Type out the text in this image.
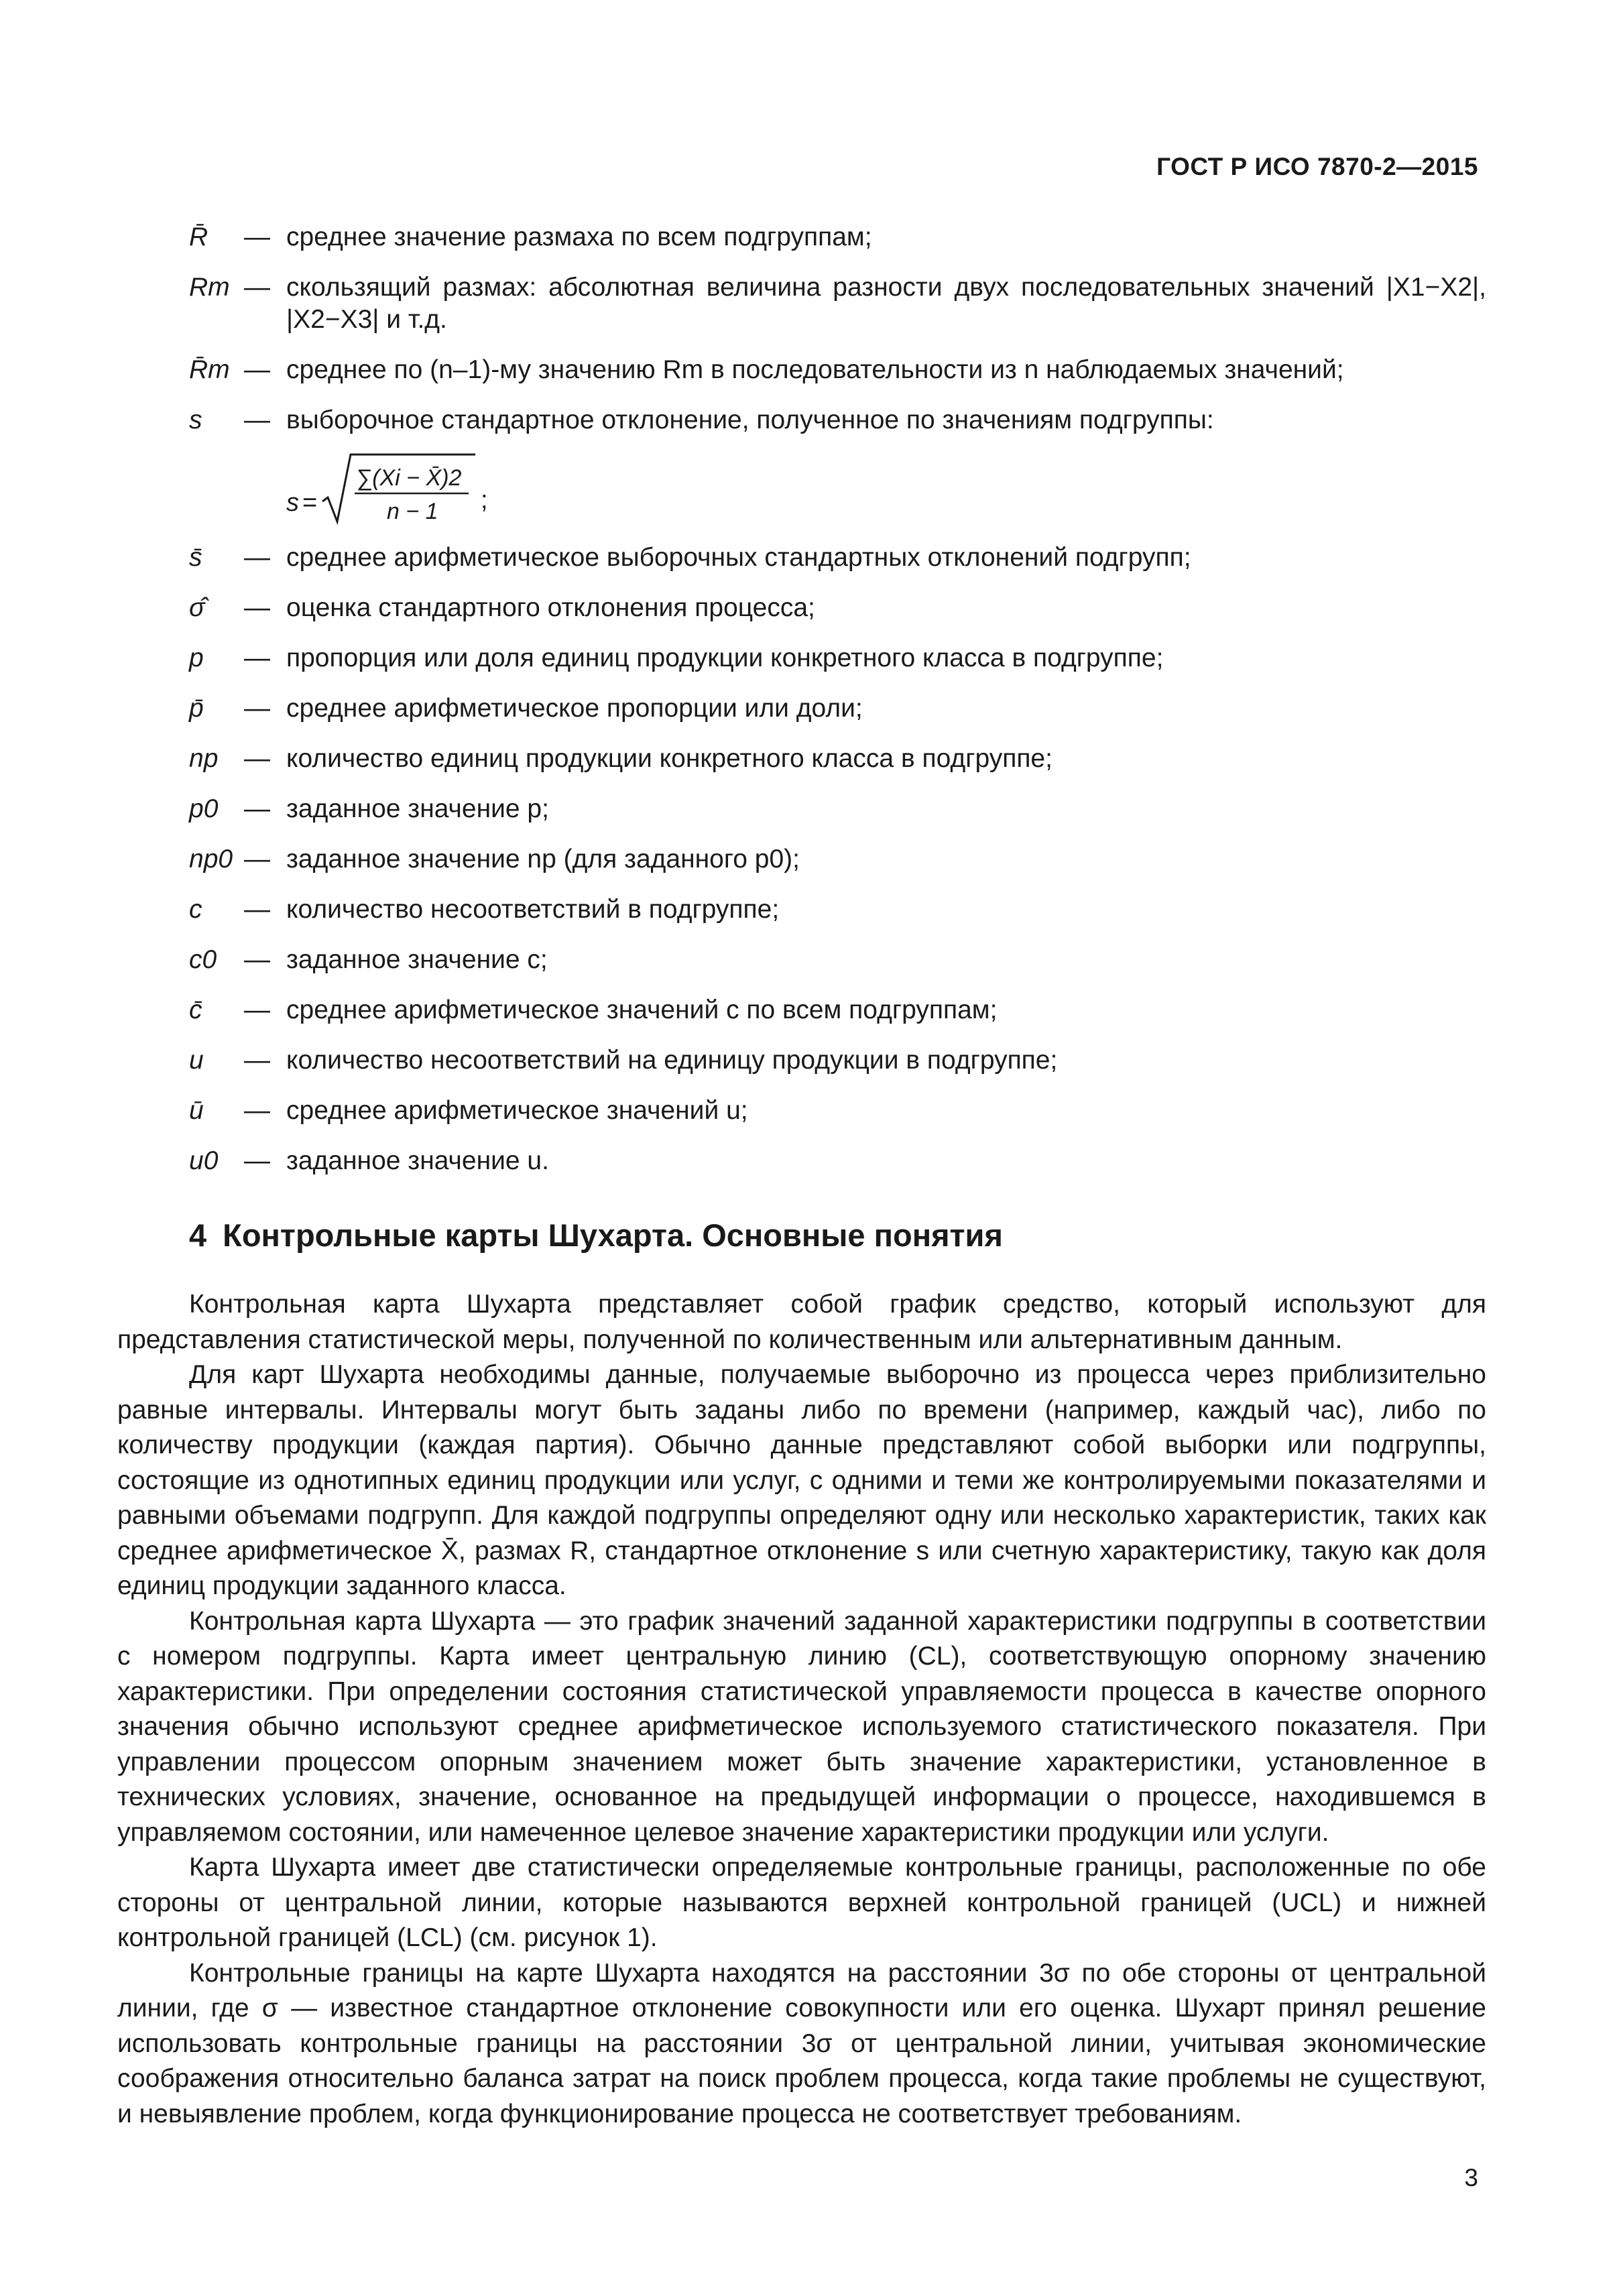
ГОСТ Р ИСО 7870-2—2015
R̄	— среднее значение размаха по всем подгруппам;
Rm — скользящий размах: абсолютная величина разности двух последовательных значений |X1−X2|, |X2−X3| и т.д.
R̄m — среднее по (n–1)-му значению Rm в последовательности из n наблюдаемых значений;
s	— выборочное стандартное отклонение, полученное по значениям подгруппы:
s =
∑(Xi − X̄)2
n − 1 ;
s̄	— среднее арифметическое выборочных стандартных отклонений подгрупп;
σ̂	— оценка стандартного отклонения процесса;
p	— пропорция или доля единиц продукции конкретного класса в подгруппе;
p̄	— среднее арифметическое пропорции или доли;
np — количество единиц продукции конкретного класса в подгруппе;
p0 — заданное значение p;
np0 — заданное значение np (для заданного p0);
c	— количество несоответствий в подгруппе;
c0	— заданное значение c;
c̄	— среднее арифметическое значений c по всем подгруппам;
u	— количество несоответствий на единицу продукции в подгруппе;
ū	— среднее арифметическое значений u;
u0 — заданное значение u.
4 Контрольные карты Шухарта. Основные понятия

Контрольная карта Шухарта представляет собой график средство, который используют для представления статистической меры, полученной по количественным или альтернативным данным.

Для карт Шухарта необходимы данные, получаемые выборочно из процесса через приблизительно равные интервалы. Интервалы могут быть заданы либо по времени (например, каждый час), либо по количеству продукции (каждая партия). Обычно данные представляют собой выборки или подгруппы, состоящие из однотипных единиц продукции или услуг, с одними и теми же контролируемыми показателями и равными объемами подгрупп. Для каждой подгруппы определяют одну или несколько характеристик, таких как среднее арифметическое X̄, размах R, стандартное отклонение s или счетную характеристику, такую как доля единиц продукции заданного класса.

Контрольная карта Шухарта — это график значений заданной характеристики подгруппы в соответствии с номером подгруппы. Карта имеет центральную линию (CL), соответствующую опорному значению характеристики. При определении состояния статистической управляемости процесса в качестве опорного значения обычно используют среднее арифметическое используемого статистического показателя. При управлении процессом опорным значением может быть значение характеристики, установленное в технических условиях, значение, основанное на предыдущей информации о процессе, находившемся в управляемом состоянии, или намеченное целевое значение характеристики продукции или услуги.

Карта Шухарта имеет две статистически определяемые контрольные границы, расположенные по обе стороны от центральной линии, которые называются верхней контрольной границей (UCL) и нижней контрольной границей (LCL) (см. рисунок 1).

Контрольные границы на карте Шухарта находятся на расстоянии 3σ по обе стороны от центральной линии, где σ — известное стандартное отклонение совокупности или его оценка. Шухарт принял решение использовать контрольные границы на расстоянии 3σ от центральной линии, учитывая экономические соображения относительно баланса затрат на поиск проблем процесса, когда такие проблемы не существуют, и невыявление проблем, когда функционирование процесса не соответствует требованиям.

3
